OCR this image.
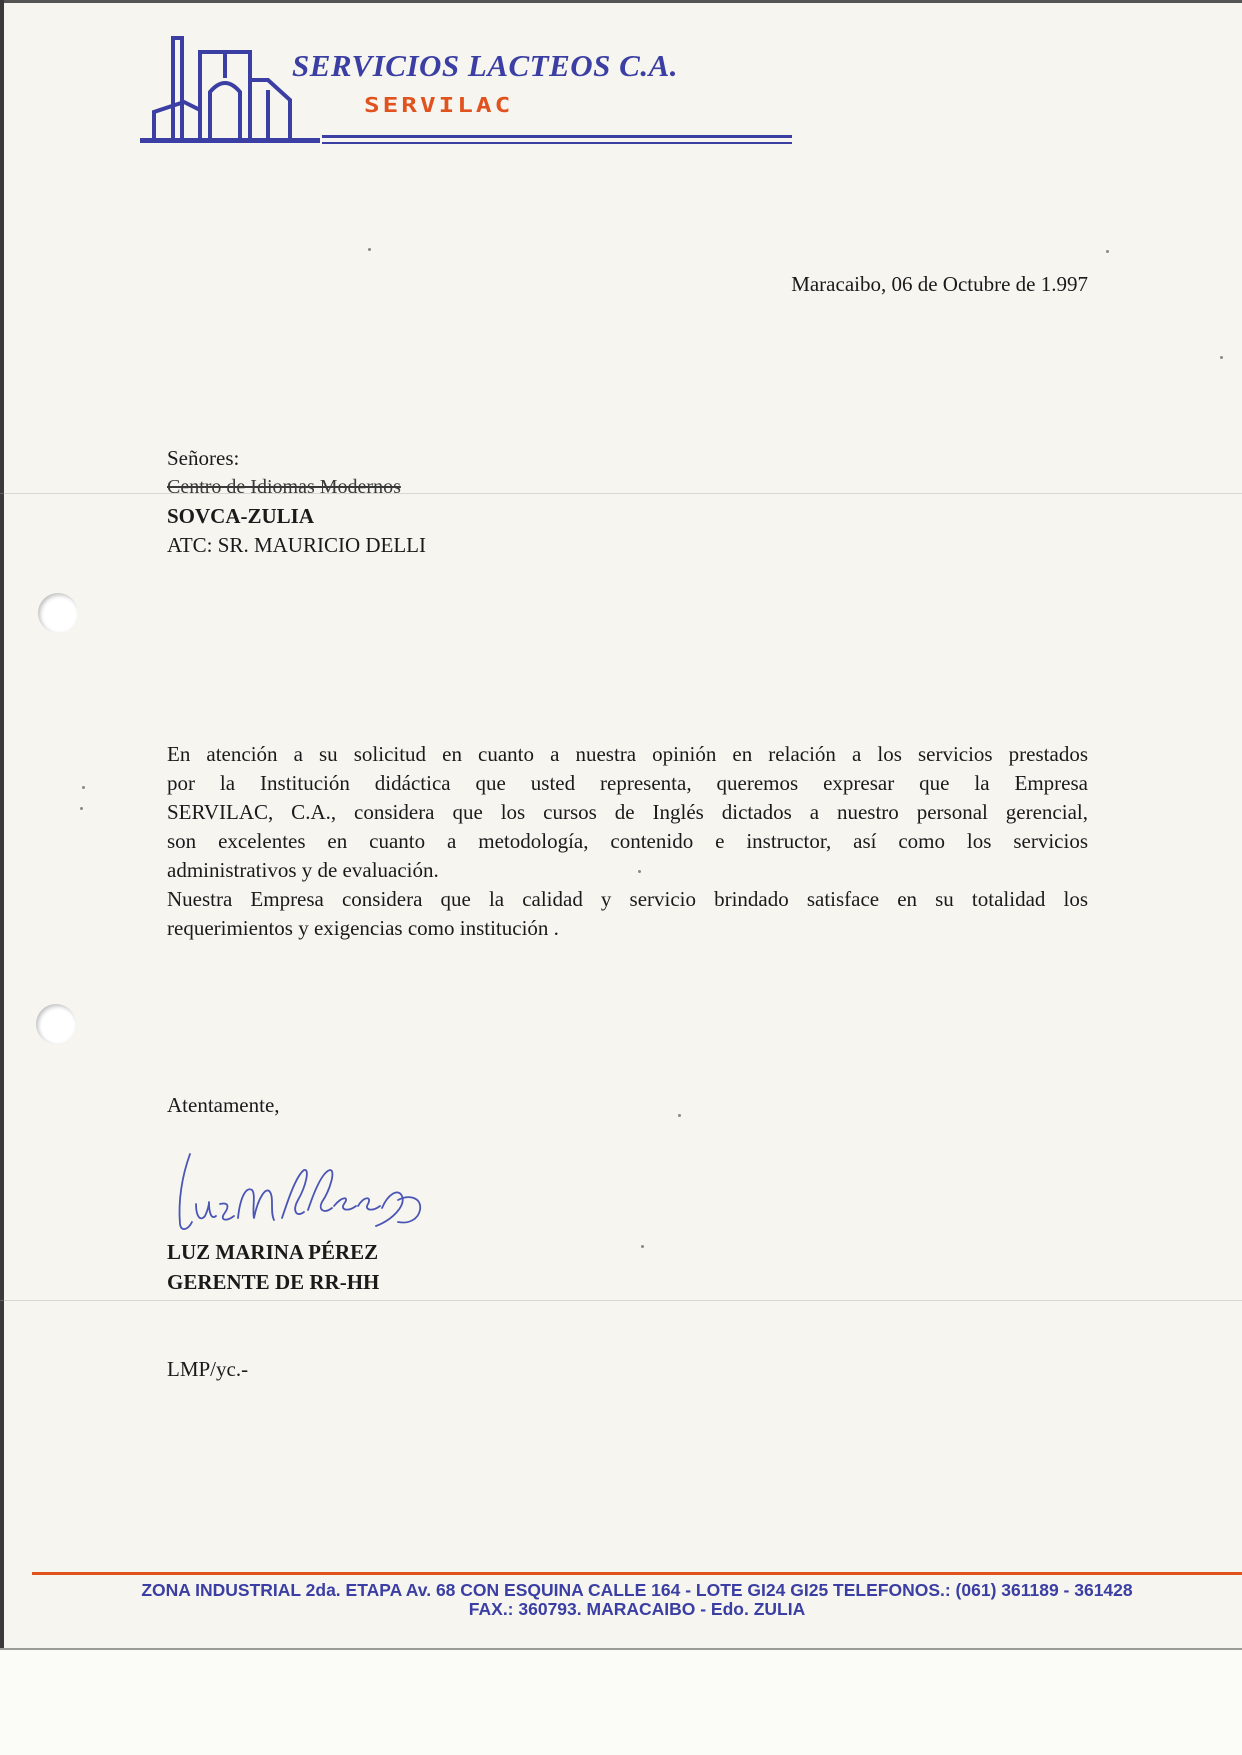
SERVICIOS LACTEOS C.A.
SERVILAC
Maracaibo, 06 de Octubre de 1.997
Señores:
Centro de Idiomas Modernos
SOVCA-ZULIA
ATC: SR. MAURICIO DELLI
En atención a su solicitud en cuanto a nuestra opinión en relación a los servicios prestados
por la Institución didáctica que usted representa, queremos expresar que la Empresa
SERVILAC, C.A., considera que los cursos de Inglés dictados a nuestro personal gerencial,
son excelentes en cuanto a metodología, contenido e instructor, así como los servicios
administrativos y de evaluación.
Nuestra Empresa considera que la calidad y servicio brindado satisface en su totalidad los
requerimientos y exigencias como institución .
Atentamente,
LUZ MARINA PÉREZ
GERENTE DE RR-HH
LMP/yc.-
ZONA INDUSTRIAL 2da. ETAPA Av. 68 CON ESQUINA CALLE 164 - LOTE GI24 GI25 TELEFONOS.: (061) 361189 - 361428
FAX.: 360793. MARACAIBO - Edo. ZULIA
